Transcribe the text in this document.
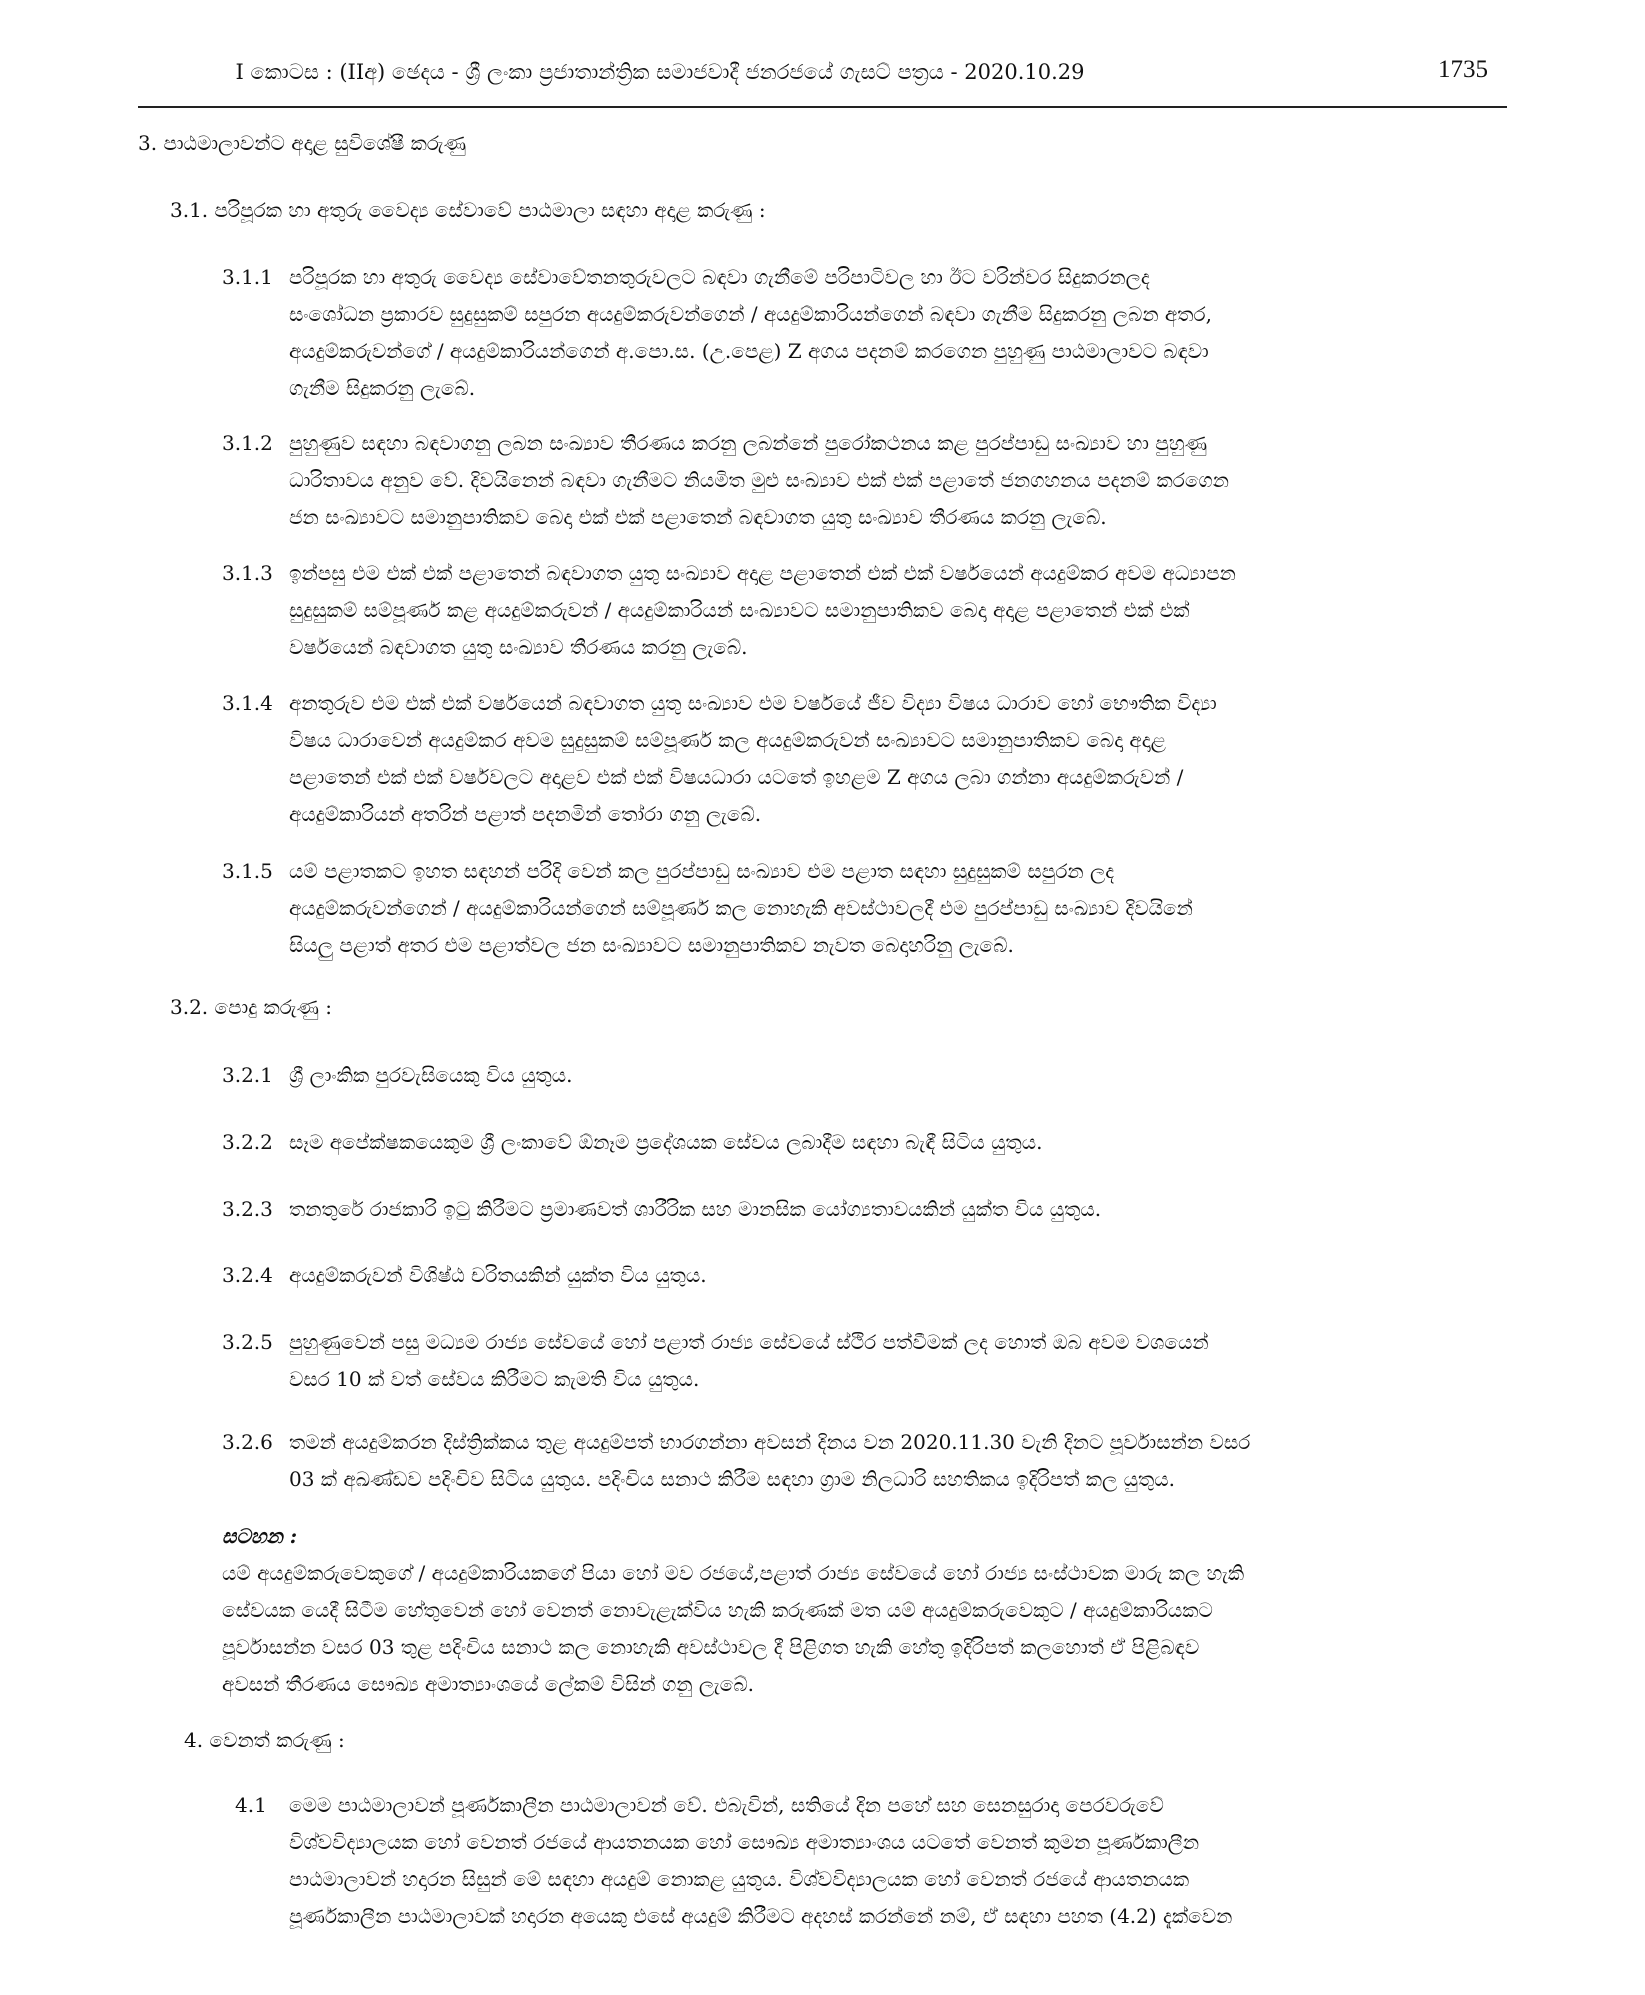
I කොටස : (IIඅ) ඡෙදය - ශ්‍රී ලංකා ප්‍රජාතාන්ත්‍රික සමාජවාදී ජනරජයේ ගැසට් පත්‍රය - 2020.10.29	1735
3. පාඨමාලාවන්ට අදාළ සුවිශේෂී කරුණු
3.1. පරිපූරක හා අතුරු වෛද්‍ය සේවාවේ පාඨමාලා සඳහා අදාළ කරුණු :
3.1.1 පරිපූරක හා අතුරු වෛද්‍ය සේවාවේතනතුරුවලට බඳවා ගැනීමේ පරිපාටිවල හා ඊට වරින්වර සිදුකරනලද
සංශෝධන ප්‍රකාරව සුදුසුකම් සපුරන අයදුම්කරුවන්ගෙන් / අයදුම්කාරියන්ගෙන් බඳවා ගැනීම සිදුකරනු ලබන අතර,
අයදුම්කරුවන්ගේ / අයදුම්කාරියන්ගෙන් අ.පො.ස. (උ.පෙළ) Z අගය පදනම් කරගෙන පුහුණු පාඨමාලාවට බඳවා
ගැනීම සිදුකරනු ලැබේ.
3.1.2 පුහුණුව සඳහා බඳවාගනු ලබන සංඛ්‍යාව තීරණය කරනු ලබන්නේ පුරෝකථනය කළ පුරප්පාඩු සංඛ්‍යාව හා පුහුණු
ධාරිතාවය අනුව වේ. දිවයිනෙන් බඳවා ගැනීමට නියමිත මුළු සංඛ්‍යාව එක් එක් පළාතේ ජනගහනය පදනම් කරගෙන
ජන සංඛ්‍යාවට සමානුපාතිකව බෙදා එක් එක් පළාතෙන් බඳවාගත යුතු සංඛ්‍යාව තීරණය කරනු ලැබේ.
3.1.3 ඉන්පසු එම එක් එක් පළාතෙන් බඳවාගත යුතු සංඛ්‍යාව අදාළ පළාතෙන් එක් එක් වර්ෂයෙන් අයදුම්කර අවම අධ්‍යාපන
සුදුසුකම් සම්පූර්ණ කළ අයදුම්කරුවන් / අයදුම්කාරියන් සංඛ්‍යාවට සමානුපාතිකව බෙදා අදාළ පළාතෙන් එක් එක්
වර්ෂයෙන් බඳවාගත යුතු සංඛ්‍යාව තීරණය කරනු ලැබේ.
3.1.4 අනතුරුව එම එක් එක් වර්ෂයෙන් බඳවාගත යුතු සංඛ්‍යාව එම වර්ෂයේ ජීව විද්‍යා විෂය ධාරාව හෝ භෞතික විද්‍යා
විෂය ධාරාවෙන් අයදුම්කර අවම සුදුසුකම් සම්පූර්ණ කල අයදුම්කරුවන් සංඛ්‍යාවට සමානුපාතිකව බෙදා අදාළ
පළාතෙන් එක් එක් වර්ෂවලට අදාළව එක් එක් විෂයධාරා යටතේ ඉහළම Z අගය ලබා ගන්නා අයදුම්කරුවන් /
අයදුම්කාරියන් අතරින් පළාත් පදනමින් තෝරා ගනු ලැබේ.
3.1.5 යම් පළාතකට ඉහත සඳහන් පරිදි වෙන් කල පුරප්පාඩු සංඛ්‍යාව එම පළාත සඳහා සුදුසුකම් සපුරන ලද
අයදුම්කරුවන්ගෙන් / අයදුම්කාරියන්ගෙන් සම්පූර්ණ කල නොහැකි අවස්ථාවලදී එම පුරප්පාඩු සංඛ්‍යාව දිවයිනේ
සියලු පළාත් අතර එම පළාත්වල ජන සංඛ්‍යාවට සමානුපාතිකව නැවත බෙදාහරිනු ලැබේ.
3.2. පොදු කරුණු :
3.2.1 ශ්‍රී ලාංකික පුරවැසියෙකු විය යුතුය.
3.2.2 සෑම අපේක්ෂකයෙකුම ශ්‍රී ලංකාවේ ඕනෑම ප්‍රදේශයක සේවය ලබාදීම සඳහා බැඳී සිටිය යුතුය.
3.2.3 තනතුරේ රාජකාරි ඉටු කිරීමට ප්‍රමාණවත් ශාරීරික සහ මානසික යෝග්‍යතාවයකින් යුක්ත විය යුතුය.
3.2.4 අයදුම්කරුවන් විශිෂ්ඨ චරිතයකින් යුක්ත විය යුතුය.
3.2.5 පුහුණුවෙන් පසු මධ්‍යම රාජ්‍ය සේවයේ හෝ පළාත් රාජ්‍ය සේවයේ ස්ථිර පත්වීමක් ලද හොත් ඔබ අවම වශයෙන්
වසර 10 ක් වත් සේවය කිරීමට කැමති විය යුතුය.
3.2.6 තමන් අයදුම්කරන දිස්ත්‍රික්කය තුළ අයදුම්පත් භාරගන්නා අවසන් දිනය වන 2020.11.30 වැනි දිනට පූර්වාසන්න වසර
03 ක් අඛණ්ඩව පදිංචිව සිටිය යුතුය. පදිංචිය සනාථ කිරීම සඳහා ග්‍රාම නිලධාරි සහතිකය ඉදිරිපත් කල යුතුය.
සටහන :
යම් අයදුම්කරුවෙකුගේ / අයදුම්කාරියකගේ පියා හෝ මව රජයේ,පළාත් රාජ්‍ය සේවයේ හෝ රාජ්‍ය සංස්ථාවක මාරු කල හැකි
සේවයක යෙදී සිටීම හේතුවෙන් හෝ වෙනත් නොවැළැක්විය හැකි කරුණක් මත යම් අයදුම්කරුවෙකුට / අයදුම්කාරියකට
පූර්වාසන්න වසර 03 තුළ පදිංචිය සනාථ කල නොහැකි අවස්ථාවල දී පිළිගත හැකි හේතු ඉදිරිපත් කලහොත් ඒ පිළිබඳව
අවසන් තීරණය සෞඛ්‍ය අමාත්‍යාංශයේ ලේකම් විසින් ගනු ලැබේ.
4. වෙනත් කරුණු :
4.1 මෙම පාඨමාලාවන් පූර්ණකාලීන පාඨමාලාවන් වේ. එබැවින්, සතියේ දින පහේ සහ සෙනසුරාදා පෙරවරුවේ
විශ්වවිද්‍යාලයක හෝ වෙනත් රජයේ ආයතනයක හෝ සෞඛ්‍ය අමාත්‍යාංශය යටතේ වෙනත් කුමන පූර්ණකාලීන
පාඨමාලාවන් හදාරන සිසුන් මේ සඳහා අයදුම් නොකළ යුතුය. විශ්වවිද්‍යාලයක හෝ වෙනත් රජයේ ආයතනයක
පූර්ණකාලීන පාඨමාලාවක් හදාරන අයෙකු එසේ අයදුම් කිරීමට අදහස් කරන්නේ නම්, ඒ සඳහා පහත (4.2) දැක්වෙන
